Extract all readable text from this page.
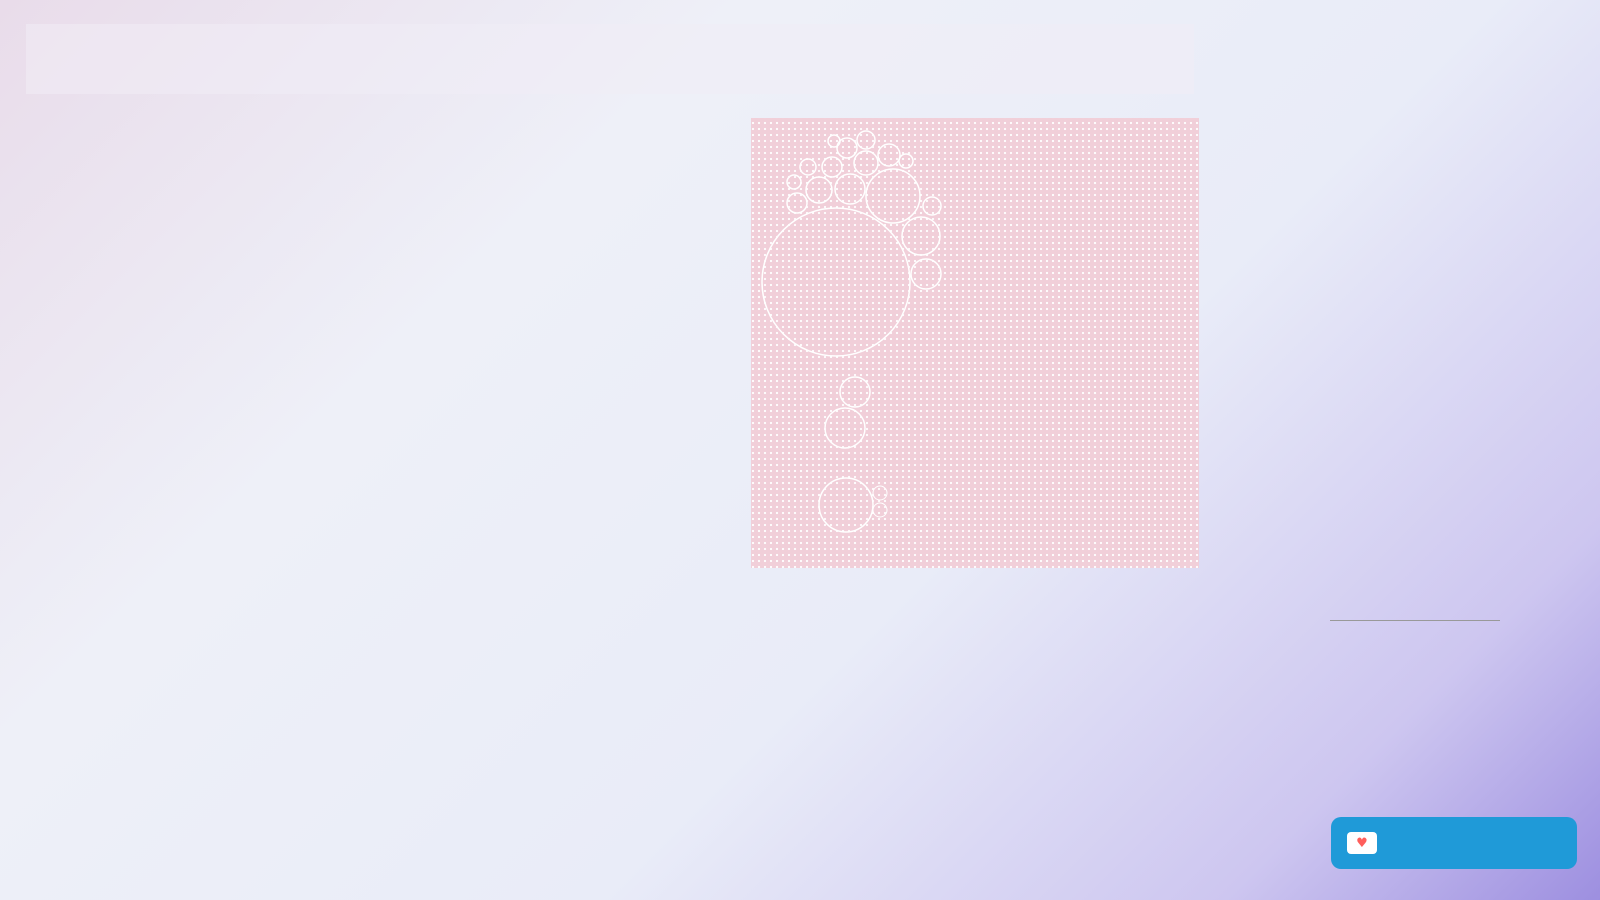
♥
